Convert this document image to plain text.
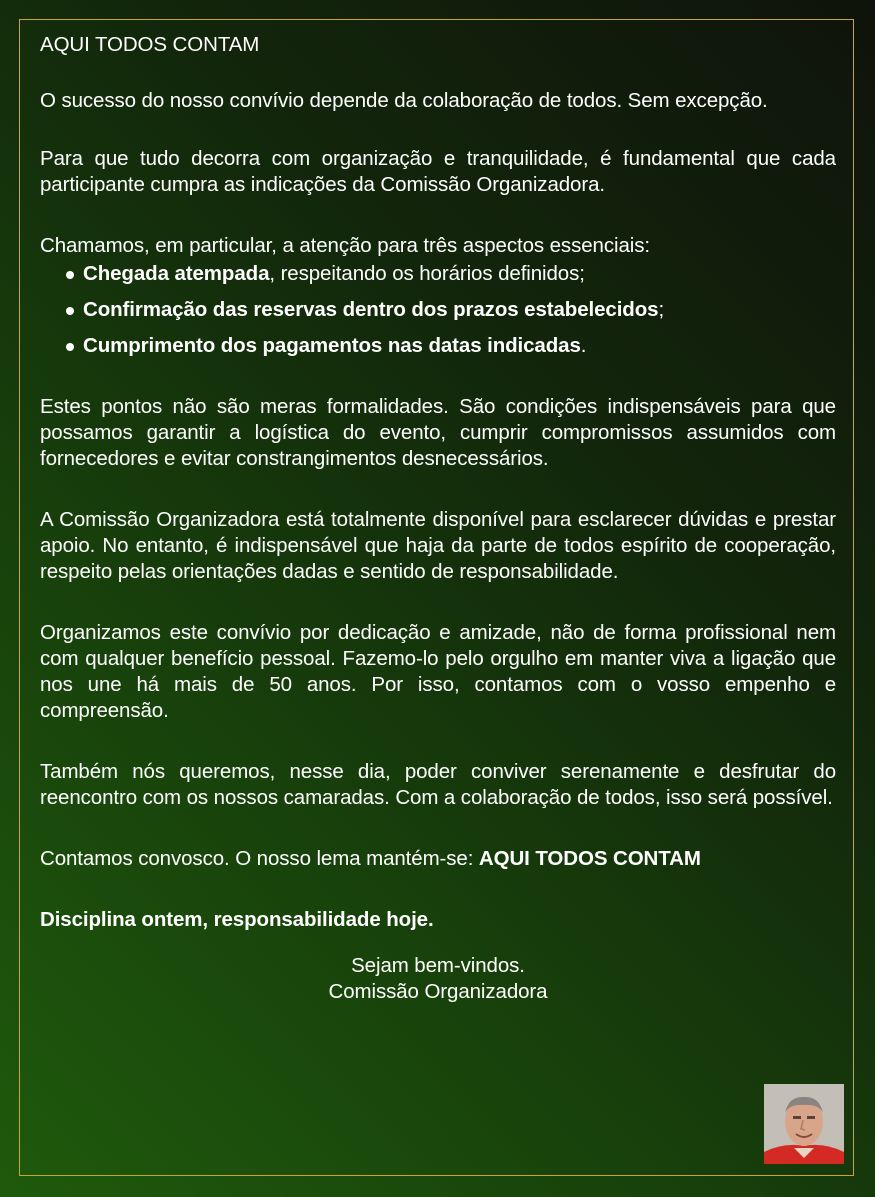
AQUI TODOS CONTAM

O sucesso do nosso convívio depende da colaboração de todos. Sem excepção.

Para que tudo decorra com organização e tranquilidade, é fundamental que cada participante cumpra as indicações da Comissão Organizadora.

Chamamos, em particular, a atenção para três aspectos essenciais:

Chegada atempada, respeitando os horários definidos;
Confirmação das reservas dentro dos prazos estabelecidos;
Cumprimento dos pagamentos nas datas indicadas.

Estes pontos não são meras formalidades. São condições indispensáveis para que possamos garantir a logística do evento, cumprir compromissos assumidos com fornecedores e evitar constrangimentos desnecessários.

A Comissão Organizadora está totalmente disponível para esclarecer dúvidas e prestar apoio. No entanto, é indispensável que haja da parte de todos espírito de cooperação, respeito pelas orientações dadas e sentido de responsabilidade.

Organizamos este convívio por dedicação e amizade, não de forma profissional nem com qualquer benefício pessoal. Fazemo-lo pelo orgulho em manter viva a ligação que nos une há mais de 50 anos. Por isso, contamos com o vosso empenho e compreensão.

Também nós queremos, nesse dia, poder conviver serenamente e desfrutar do reencontro com os nossos camaradas. Com a colaboração de todos, isso será possível.

Contamos convosco. O nosso lema mantém-se: AQUI TODOS CONTAM

Disciplina ontem, responsabilidade hoje.

Sejam bem-vindos.

Comissão Organizadora
